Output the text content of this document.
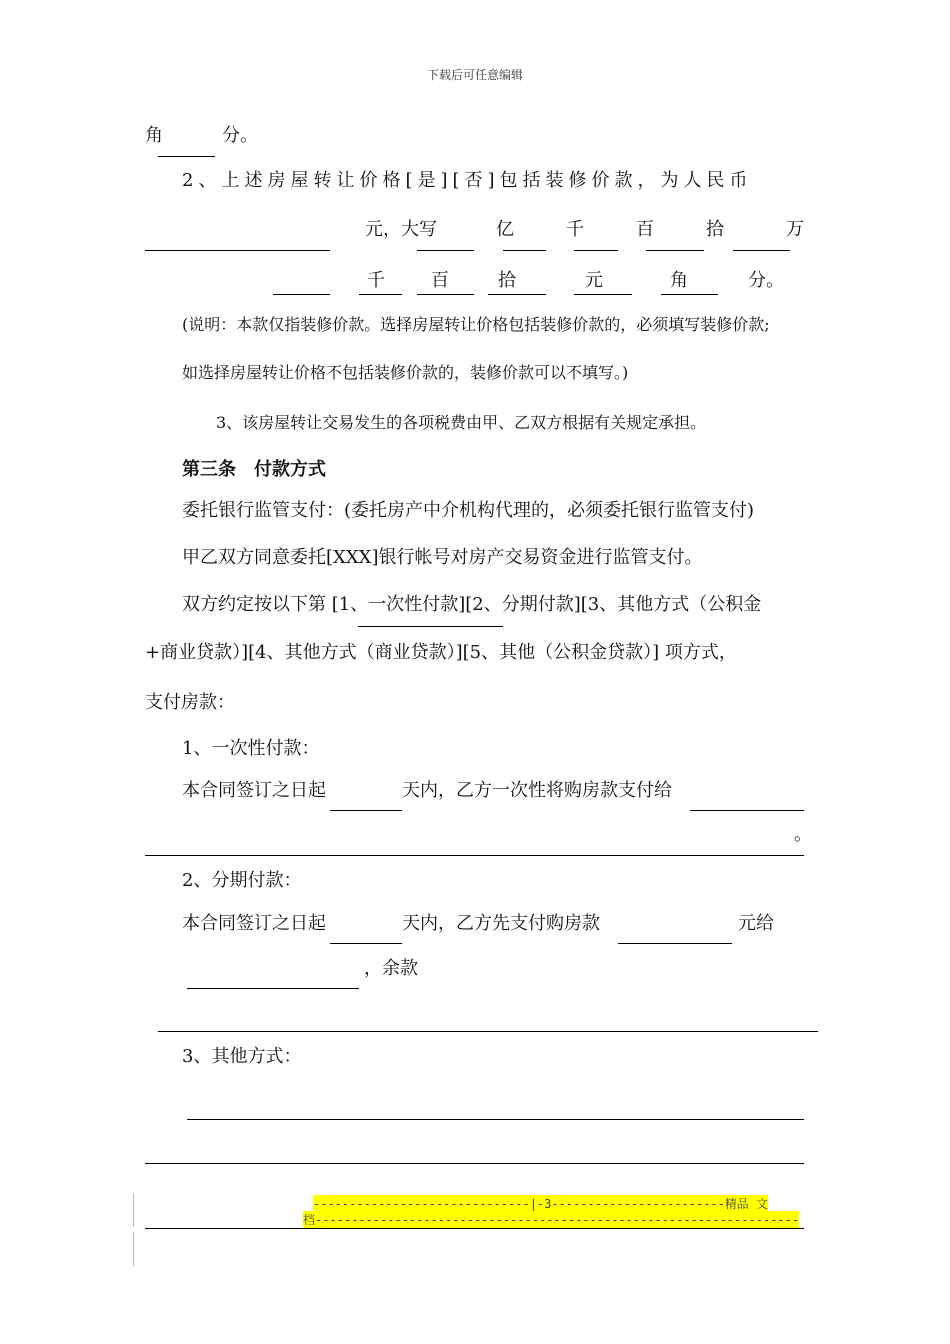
下载后可任意编辑
角	分。
2、上述房屋转让价格[是][否]包括装修价款，为人民币
元，大写	亿	千	百	拾	万
千	百	拾	元	角	分。
(说明：本款仅指装修价款。选择房屋转让价格包括装修价款的，必须填写装修价款;
如选择房屋转让价格不包括装修价款的，装修价款可以不填写。)
3、该房屋转让交易发生的各项税费由甲、乙双方根据有关规定承担。
第三条　付款方式
委托银行监管支付：(委托房产中介机构代理的，必须委托银行监管支付)
甲乙双方同意委托[XXX]银行帐号对房产交易资金进行监管支付。
双方约定按以下第 [1、一次性付款][2、分期付款][3、其他方式（公积金
+商业贷款）][4、其他方式（商业贷款）][5、其他（公积金贷款）] 项方式，
支付房款：
1、一次性付款：
本合同签订之日起	天内，乙方一次性将购房款支付给
。
2、分期付款：
本合同签订之日起	天内，乙方先支付购房款	元给
，余款
3、其他方式：
------------------------------|-3------------------------精品 文
档-------------------------------------------------------------------
